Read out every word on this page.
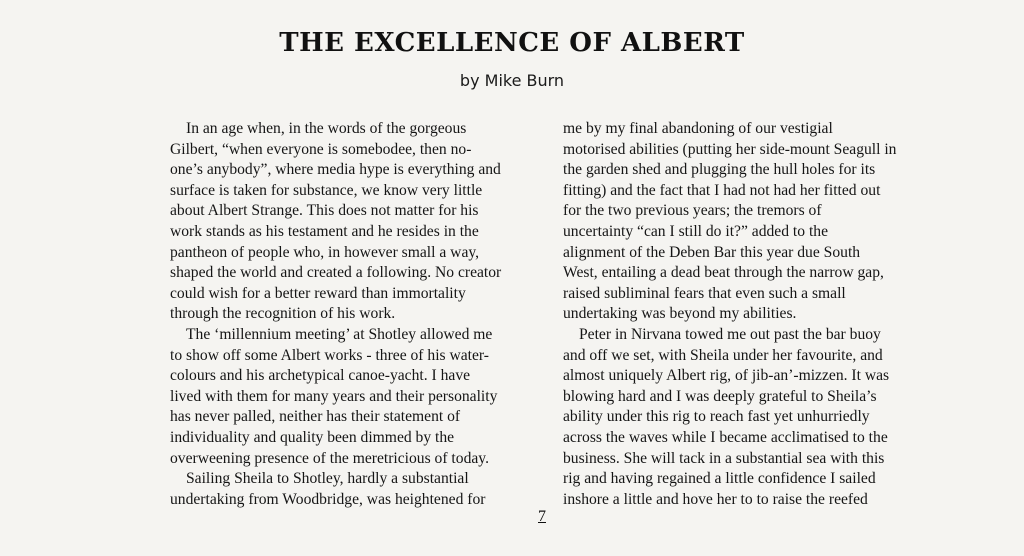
THE EXCELLENCE OF ALBERT
by Mike Burn
In an age when, in the words of the gorgeous
Gilbert, “when everyone is somebodee, then no-
one’s anybody”, where media hype is everything and
surface is taken for substance, we know very little
about Albert Strange. This does not matter for his
work stands as his testament and he resides in the
pantheon of people who, in however small a way,
shaped the world and created a following. No creator
could wish for a better reward than immortality
through the recognition of his work.
The ‘millennium meeting’ at Shotley allowed me
to show off some Albert works - three of his water-
colours and his archetypical canoe-yacht. I have
lived with them for many years and their personality
has never palled, neither has their statement of
individuality and quality been dimmed by the
overweening presence of the meretricious of today.
Sailing Sheila to Shotley, hardly a substantial
undertaking from Woodbridge, was heightened for
me by my final abandoning of our vestigial
motorised abilities (putting her side-mount Seagull in
the garden shed and plugging the hull holes for its
fitting) and the fact that I had not had her fitted out
for the two previous years; the tremors of
uncertainty “can I still do it?” added to the
alignment of the Deben Bar this year due South
West, entailing a dead beat through the narrow gap,
raised subliminal fears that even such a small
undertaking was beyond my abilities.
Peter in Nirvana towed me out past the bar buoy
and off we set, with Sheila under her favourite, and
almost uniquely Albert rig, of jib-an’-mizzen. It was
blowing hard and I was deeply grateful to Sheila’s
ability under this rig to reach fast yet unhurriedly
across the waves while I became acclimatised to the
business. She will tack in a substantial sea with this
rig and having regained a little confidence I sailed
inshore a little and hove her to to raise the reefed
7
